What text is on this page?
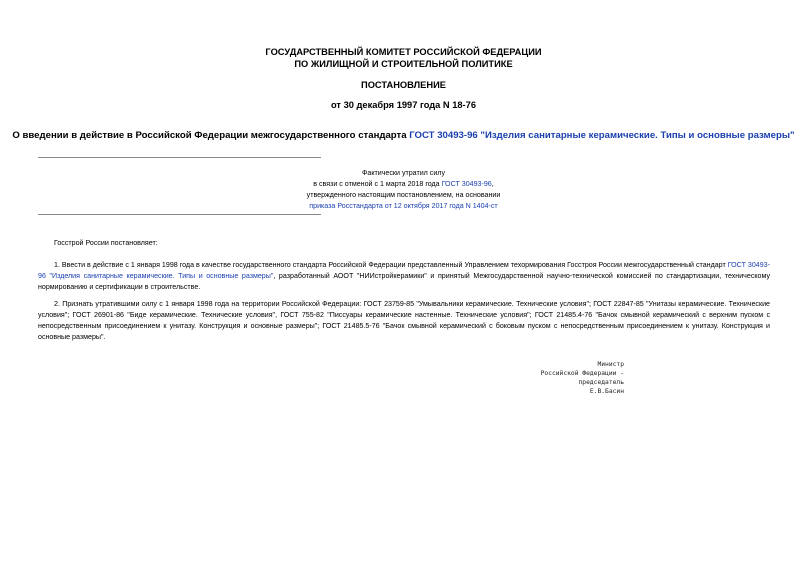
ГОСУДАРСТВЕННЫЙ КОМИТЕТ РОССИЙСКОЙ ФЕДЕРАЦИИ
ПО ЖИЛИЩНОЙ И СТРОИТЕЛЬНОЙ ПОЛИТИКЕ
ПОСТАНОВЛЕНИЕ
от 30 декабря 1997 года N 18-76
О введении в действие в Российской Федерации межгосударственного стандарта ГОСТ 30493-96 "Изделия санитарные керамические. Типы и основные размеры"
Фактически утратил силу
в связи с отменой с 1 марта 2018 года ГОСТ 30493-96,
утвержденного настоящим постановлением, на основании
приказа Росстандарта от 12 октября 2017 года N 1404-ст
Госстрой России постановляет:
1. Ввести в действие с 1 января 1998 года в качестве государственного стандарта Российской Федерации представленный Управлением техормирования Госстроя России межгосударственный стандарт ГОСТ 30493-96 "Изделия санитарные керамические. Типы и основные размеры", разработанный АООТ "НИИстройкерамики" и принятый Межгосударственной научно-технической комиссией по стандартизации, техническому нормированию и сертификации в строительстве.
2. Признать утратившими силу с 1 января 1998 года на территории Российской Федерации: ГОСТ 23759-85 "Умывальники керамические. Технические условия"; ГОСТ 22847-85 "Унитазы керамические. Технические условия"; ГОСТ 26901-86 "Биде керамические. Технические условия", ГОСТ 755-82 "Писсуары керамические настенные. Технические условия"; ГОСТ 21485.4-76 "Бачок смывной керамический с верхним пуском с непосредственным присоединением к унитазу. Конструкция и основные размеры"; ГОСТ 21485.5-76 "Бачок смывной керамический с боковым пуском с непосредственным присоединением к унитазу. Конструкция и основные размеры".
Министр
Российской Федерации -
председатель
Е.В.Басин
